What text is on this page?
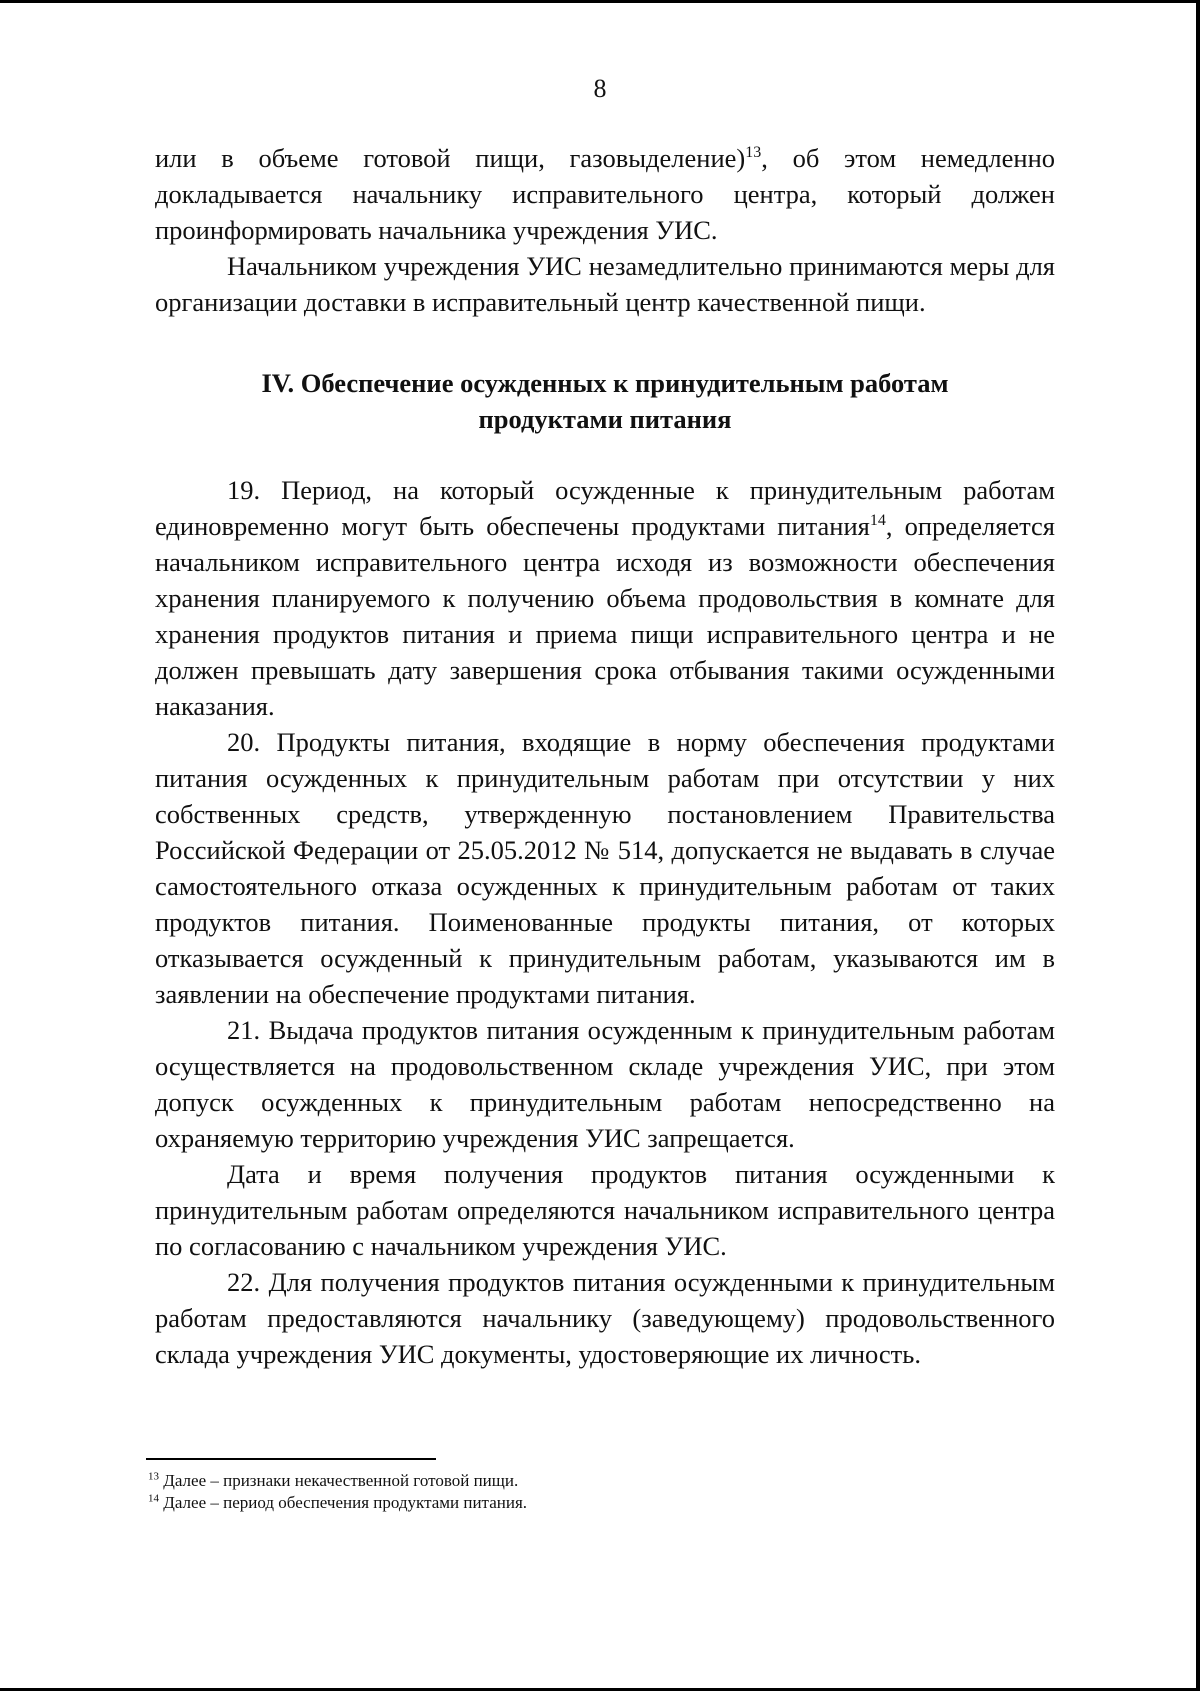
8

или в объеме готовой пищи, газовыделение)$^{13}$, об этом немедленно докладывается начальнику исправительного центра, который должен проинформировать начальника учреждения УИС.

Начальником учреждения УИС незамедлительно принимаются меры для организации доставки в исправительный центр качественной пищи.

IV. Обеспечение осужденных к принудительным работам
продуктами питания

19. Период, на который осужденные к принудительным работам единовременно могут быть обеспечены продуктами питания$^{14}$, определяется начальником исправительного центра исходя из возможности обеспечения хранения планируемого к получению объема продовольствия в комнате для хранения продуктов питания и приема пищи исправительного центра и не должен превышать дату завершения срока отбывания такими осужденными наказания.

20. Продукты питания, входящие в норму обеспечения продуктами питания осужденных к принудительным работам при отсутствии у них собственных средств, утвержденную постановлением Правительства Российской Федерации от 25.05.2012 № 514, допускается не выдавать в случае самостоятельного отказа осужденных к принудительным работам от таких продуктов питания. Поименованные продукты питания, от которых отказывается осужденный к принудительным работам, указываются им в заявлении на обеспечение продуктами питания.

21. Выдача продуктов питания осужденным к принудительным работам осуществляется на продовольственном складе учреждения УИС, при этом допуск осужденных к принудительным работам непосредственно на охраняемую территорию учреждения УИС запрещается.

Дата и время получения продуктов питания осужденными к принудительным работам определяются начальником исправительного центра по согласованию с начальником учреждения УИС.

22. Для получения продуктов питания осужденными к принудительным работам предоставляются начальнику (заведующему) продовольственного склада учреждения УИС документы, удостоверяющие их личность.

$^{13}$ Далее – признаки некачественной готовой пищи.

$^{14}$ Далее – период обеспечения продуктами питания.
